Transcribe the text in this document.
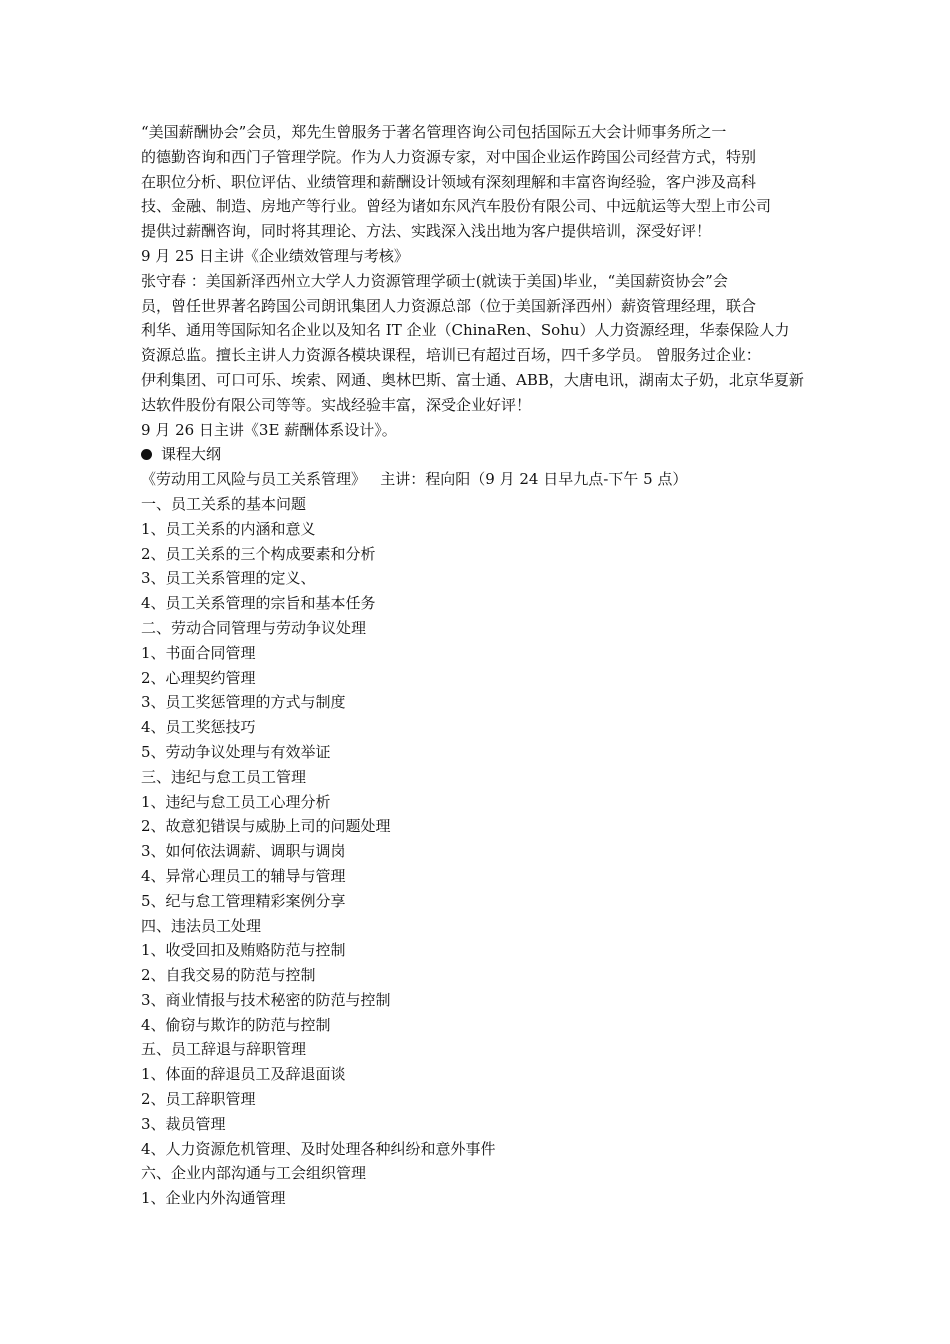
“美国薪酬协会”会员，郑先生曾服务于著名管理咨询公司包括国际五大会计师事务所之一

的德勤咨询和西门子管理学院。作为人力资源专家，对中国企业运作跨国公司经营方式，特别

在职位分析、职位评估、业绩管理和薪酬设计领域有深刻理解和丰富咨询经验，客户涉及高科

技、金融、制造、房地产等行业。曾经为诸如东风汽车股份有限公司、中远航运等大型上市公司

提供过薪酬咨询，同时将其理论、方法、实践深入浅出地为客户提供培训，深受好评！

9 月 25 日主讲《企业绩效管理与考核》

张守春 ：美国新泽西州立大学人力资源管理学硕士(就读于美国)毕业，“美国薪资协会”会

员，曾任世界著名跨国公司朗讯集团人力资源总部（位于美国新泽西州）薪资管理经理，联合

利华、通用等国际知名企业以及知名 IT 企业（ChinaRen、Sohu）人力资源经理，华泰保险人力

资源总监。擅长主讲人力资源各模块课程，培训已有超过百场，四千多学员。 曾服务过企业：

伊利集团、可口可乐、埃索、网通、奥林巴斯、富士通、ABB，大唐电讯，湖南太子奶，北京华夏新

达软件股份有限公司等等。实战经验丰富，深受企业好评！

9 月 26 日主讲《3E 薪酬体系设计》。

课程大纲

《劳动用工风险与员工关系管理》   主讲：程向阳（9 月 24 日早九点-下午 5 点）

一、员工关系的基本问题

1、员工关系的内涵和意义

2、员工关系的三个构成要素和分析

3、员工关系管理的定义、

4、员工关系管理的宗旨和基本任务

二、劳动合同管理与劳动争议处理

1、书面合同管理

2、心理契约管理

3、员工奖惩管理的方式与制度

4、员工奖惩技巧

5、劳动争议处理与有效举证

三、违纪与怠工员工管理

1、违纪与怠工员工心理分析

2、故意犯错误与威胁上司的问题处理

3、如何依法调薪、调职与调岗

4、异常心理员工的辅导与管理

5、纪与怠工管理精彩案例分享

四、违法员工处理

1、收受回扣及贿赂防范与控制

2、自我交易的防范与控制

3、商业情报与技术秘密的防范与控制

4、偷窃与欺诈的防范与控制

五、员工辞退与辞职管理

1、体面的辞退员工及辞退面谈

2、员工辞职管理

3、裁员管理

4、人力资源危机管理、及时处理各种纠纷和意外事件

六、企业内部沟通与工会组织管理

1、企业内外沟通管理
